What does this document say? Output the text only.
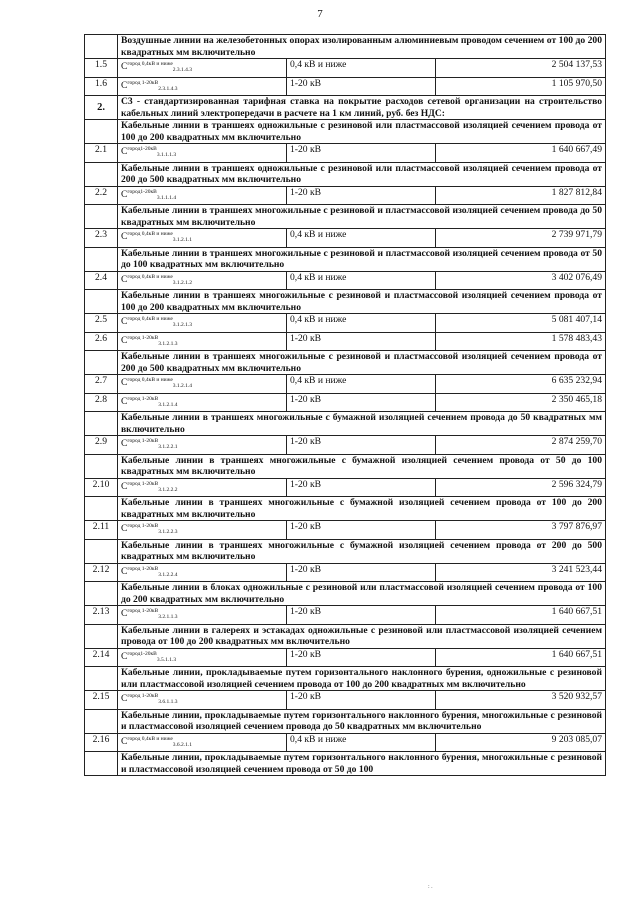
7
	Воздушные линии на железобетонных опорах изолированным алюминиевым проводом сечением от 100 до 200 квадратных мм включительно		
1.5	$C^{город 0,4кВ и ниже}_{2.3.1.4.3}$	0,4 кВ и ниже	2 504 137,53
1.6	$C^{город 1-20кВ}_{2.3.1.4.3}$	1-20 кВ	1 105 970,50
2.	C3 - стандартизированная тарифная ставка на покрытие расходов сетевой организации на строительство кабельных линий электропередачи в расчете на 1 км линий, руб. без НДС:		
	Кабельные линии в траншеях одножильные с резиновой или пластмассовой изоляцией сечением провода от 100 до 200 квадратных мм включительно		
2.1	$C^{город1-20кВ}_{3.1.1.1.3}$	1-20 кВ	1 640 667,49
	Кабельные линии в траншеях одножильные с резиновой или пластмассовой изоляцией сечением провода от 200 до 500 квадратных мм включительно		
2.2	$C^{город1-20кВ}_{3.1.1.1.4}$	1-20 кВ	1 827 812,84
	Кабельные линии в траншеях многожильные с резиновой и пластмассовой изоляцией сечением провода до 50 квадратных мм включительно		
2.3	$C^{город 0,4кВ и ниже}_{3.1.2.1.1}$	0,4 кВ и ниже	2 739 971,79
	Кабельные линии в траншеях многожильные с резиновой и пластмассовой изоляцией сечением провода от 50 до 100 квадратных мм включительно		
2.4	$C^{город 0,4кВ и ниже}_{3.1.2.1.2}$	0,4 кВ и ниже	3 402 076,49
	Кабельные линии в траншеях многожильные с резиновой и пластмассовой изоляцией сечением провода от 100 до 200 квадратных мм включительно		
2.5	$C^{город 0,4кВ и ниже}_{3.1.2.1.3}$	0,4 кВ и ниже	5 081 407,14
2.6	$C^{город 1-20кВ}_{3.1.2.1.3}$	1-20 кВ	1 578 483,43
	Кабельные линии в траншеях многожильные с резиновой и пластмассовой изоляцией сечением провода от 200 до 500 квадратных мм включительно		
2.7	$C^{город 0,4кВ и ниже}_{3.1.2.1.4}$	0,4 кВ и ниже	6 635 232,94
2.8	$C^{город 1-20кВ}_{3.1.2.1.4}$	1-20 кВ	2 350 465,18
	Кабельные линии в траншеях многожильные с бумажной изоляцией сечением провода до 50 квадратных мм включительно		
2.9	$C^{город 1-20кВ}_{3.1.2.2.1}$	1-20 кВ	2 874 259,70
	Кабельные линии в траншеях многожильные с бумажной изоляцией сечением провода от 50 до 100 квадратных мм включительно		
2.10	$C^{город 1-20кВ}_{3.1.2.2.2}$	1-20 кВ	2 596 324,79
	Кабельные линии в траншеях многожильные с бумажной изоляцией сечением провода от 100 до 200 квадратных мм включительно		
2.11	$C^{город 1-20кВ}_{3.1.2.2.3}$	1-20 кВ	3 797 876,97
	Кабельные линии в траншеях многожильные с бумажной изоляцией сечением провода от 200 до 500 квадратных мм включительно		
2.12	$C^{город 1-20кВ}_{3.1.2.2.4}$	1-20 кВ	3 241 523,44
	Кабельные линии в блоках одножильные с резиновой или пластмассовой изоляцией сечением провода от 100 до 200 квадратных мм включительно		
2.13	$C^{город 1-20кВ}_{3.2.1.1.3}$	1-20 кВ	1 640 667,51
	Кабельные линии в галереях и эстакадах одножильные с резиновой или пластмассовой изоляцией сечением провода от 100 до 200 квадратных мм включительно		
2.14	$C^{город1-20кВ}_{3.5.1.1.3}$	1-20 кВ	1 640 667,51
	Кабельные линии, прокладываемые путем горизонтального наклонного бурения, одножильные с резиновой или пластмассовой изоляцией сечением провода от 100 до 200 квадратных мм включительно		
2.15	$C^{город 1-20кВ}_{3.6.1.1.3}$	1-20 кВ	3 520 932,57
	Кабельные линии, прокладываемые путем горизонтального наклонного бурения, многожильные с резиновой и пластмассовой изоляцией сечением провода до 50 квадратных мм включительно		
2.16	$C^{город 0,4кВ и ниже}_{3.6.2.1.1}$	0,4 кВ и ниже	9 203 085,07
	Кабельные линии, прокладываемые путем горизонтального наклонного бурения, многожильные с резиновой и пластмассовой изоляцией сечением провода от 50 до 100		
: .
